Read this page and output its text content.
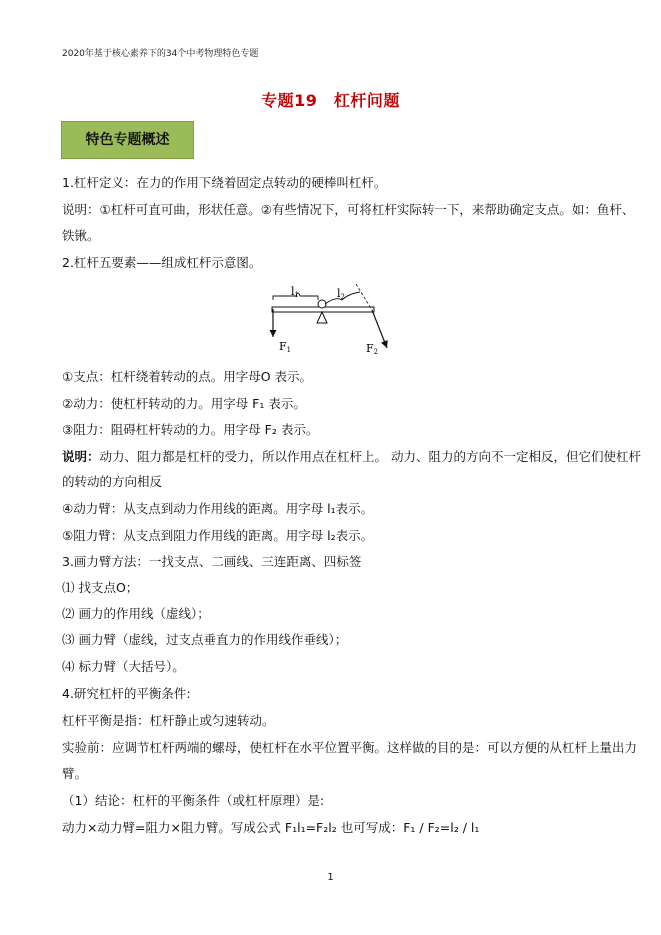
2020年基于核心素养下的34个中考物理特色专题
专题19　杠杆问题
特色专题概述
1.杠杆定义：在力的作用下绕着固定点转动的硬棒叫杠杆。
说明：①杠杆可直可曲，形状任意。②有些情况下，可将杠杆实际转一下，来帮助确定支点。如：鱼杆、
铁锹。
2.杠杆五要素——组成杠杆示意图。
l1	l2
F1	F2
①支点：杠杆绕着转动的点。用字母O 表示。
②动力：使杠杆转动的力。用字母 F₁ 表示。
③阻力：阻碍杠杆转动的力。用字母 F₂ 表示。
说明：动力、阻力都是杠杆的受力，所以作用点在杠杆上。 动力、阻力的方向不一定相反，但它们使杠杆
的转动的方向相反
④动力臂：从支点到动力作用线的距离。用字母 l₁表示。
⑤阻力臂：从支点到阻力作用线的距离。用字母 l₂表示。
3.画力臂方法：一找支点、二画线、三连距离、四标签
⑴ 找支点O；
⑵ 画力的作用线（虚线）；
⑶ 画力臂（虚线，过支点垂直力的作用线作垂线）；
⑷ 标力臂（大括号）。
4.研究杠杆的平衡条件:
杠杆平衡是指：杠杆静止或匀速转动。
实验前：应调节杠杆两端的螺母，使杠杆在水平位置平衡。这样做的目的是：可以方便的从杠杆上量出力
臂。
（1）结论：杠杆的平衡条件（或杠杆原理）是:
动力×动力臂=阻力×阻力臂。写成公式 F₁l₁=F₂l₂ 也可写成：F₁ / F₂=l₂ / l₁
1
